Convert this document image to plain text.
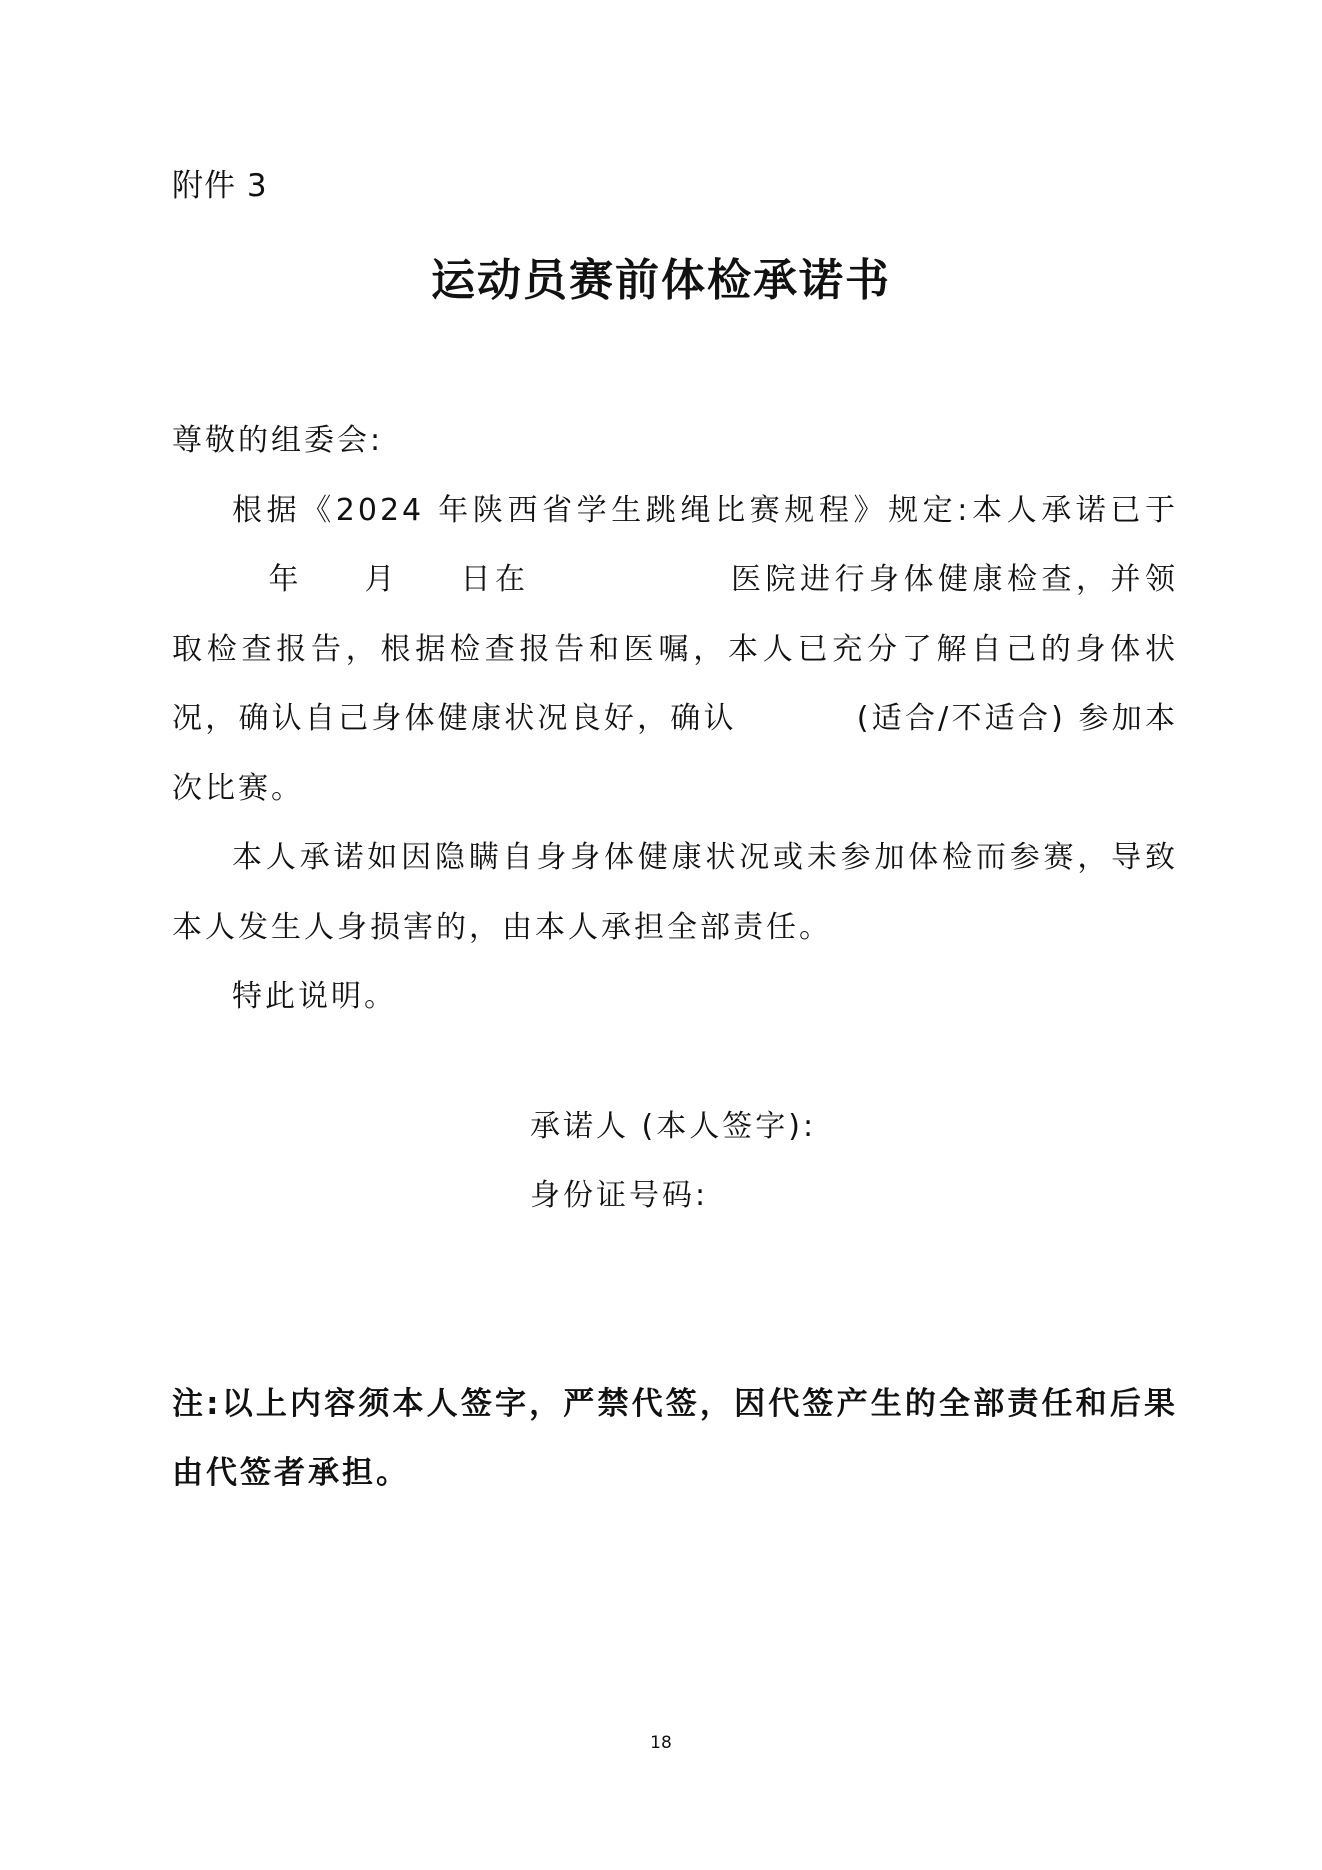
附件 3
运动员赛前体检承诺书

尊敬的组委会:

根据《2024 年陕西省学生跳绳比赛规程》规定:本人承诺已于年 月 日在	医院进行身体健康检查，并领取检查报告，根据检查报告和医嘱，本人已充分了解自己的身体状况，确认自己身体健康状况良好，确认	(适合/不适合) 参加本次比赛。

本人承诺如因隐瞒自身身体健康状况或未参加体检而参赛，导致本人发生人身损害的，由本人承担全部责任。

特此说明。

承诺人 (本人签字):
身份证号码:
注:以上内容须本人签字，严禁代签，因代签产生的全部责任和后果由代签者承担。
18
